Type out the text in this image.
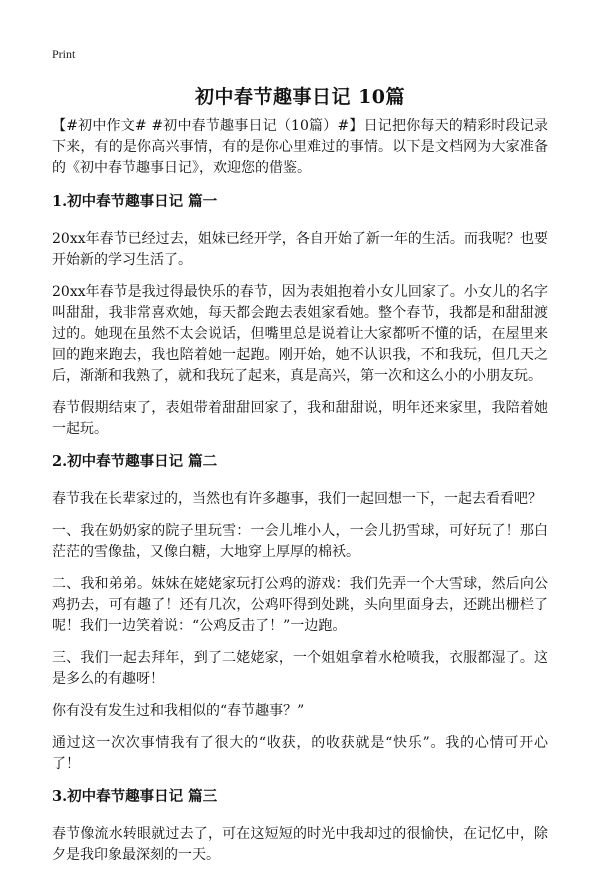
Print
初中春节趣事日记 10篇

【#初中作文# #初中春节趣事日记（10篇）#】日记把你每天的精彩时段记录下来，有的是你高兴事情，有的是你心里难过的事情。以下是文档网为大家准备的《初中春节趣事日记》，欢迎您的借鉴。

1.初中春节趣事日记 篇一

20xx年春节已经过去，姐妹已经开学，各自开始了新一年的生活。而我呢？也要开始新的学习生活了。

20xx年春节是我过得最快乐的春节，因为表姐抱着小女儿回家了。小女儿的名字叫甜甜，我非常喜欢她，每天都会跑去表姐家看她。整个春节，我都是和甜甜渡过的。她现在虽然不太会说话，但嘴里总是说着让大家都听不懂的话，在屋里来回的跑来跑去，我也陪着她一起跑。刚开始，她不认识我，不和我玩，但几天之后，渐渐和我熟了，就和我玩了起来，真是高兴，第一次和这么小的小朋友玩。

春节假期结束了，表姐带着甜甜回家了，我和甜甜说，明年还来家里，我陪着她一起玩。

2.初中春节趣事日记 篇二

春节我在长辈家过的，当然也有许多趣事，我们一起回想一下，一起去看看吧？

一、我在奶奶家的院子里玩雪：一会儿堆小人，一会儿扔雪球，可好玩了！那白茫茫的雪像盐，又像白糖，大地穿上厚厚的棉袄。

二、我和弟弟。妹妹在姥姥家玩打公鸡的游戏：我们先弄一个大雪球，然后向公鸡扔去，可有趣了！还有几次，公鸡吓得到处跳，头向里面身去，还跳出栅栏了呢！我们一边笑着说：“公鸡反击了！”一边跑。

三、我们一起去拜年，到了二姥姥家，一个姐姐拿着水枪喷我，衣服都湿了。这是多么的有趣呀！

你有没有发生过和我相似的“春节趣事？”

通过这一次次事情我有了很大的“收获，的收获就是“快乐”。我的心情可开心了！

3.初中春节趣事日记 篇三

春节像流水转眼就过去了，可在这短短的时光中我却过的很愉快，在记忆中，除夕是我印象最深刻的一天。
